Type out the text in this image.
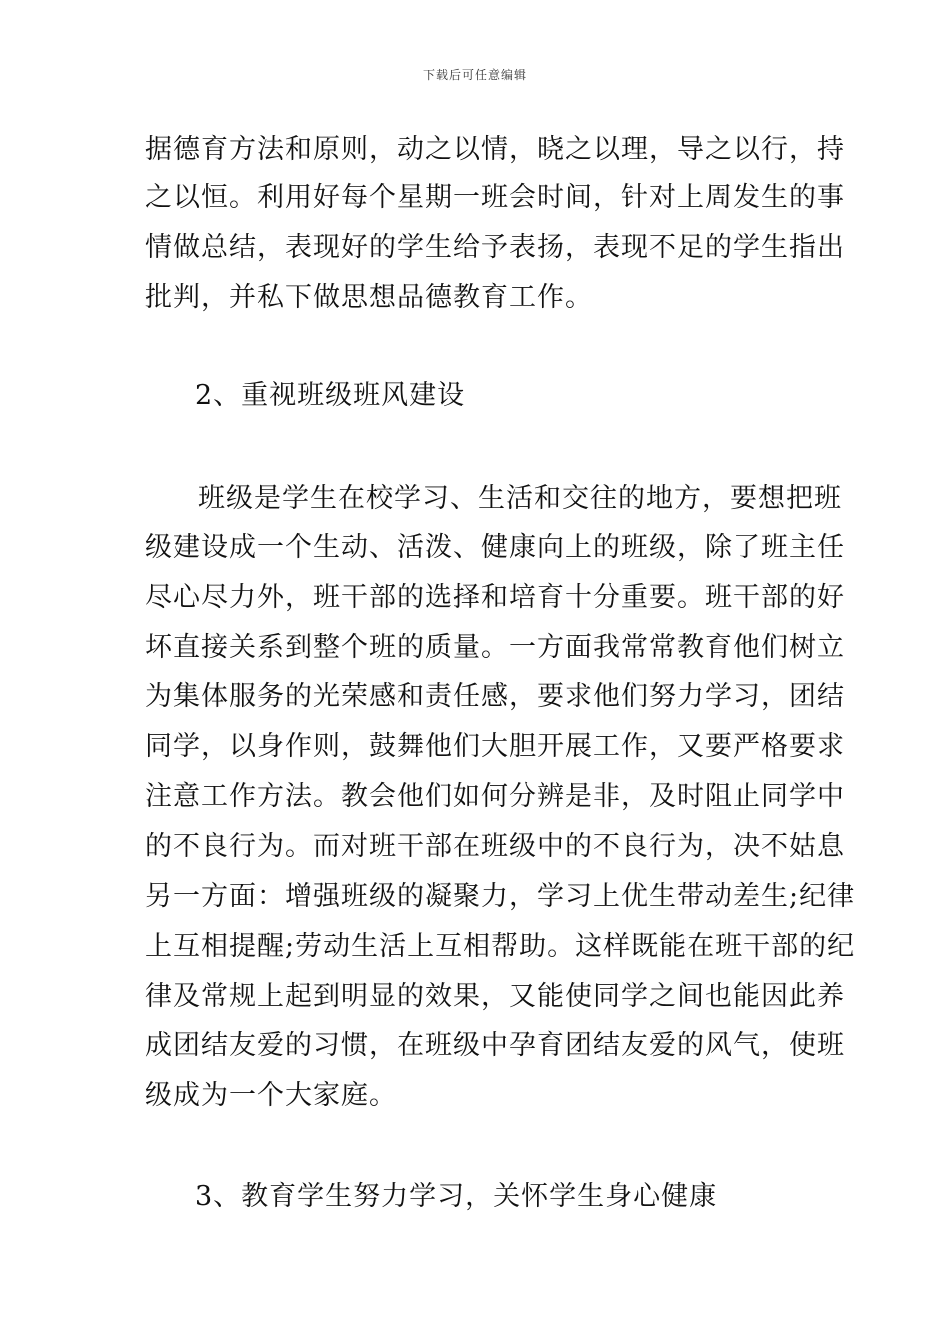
下载后可任意编辑
据德育方法和原则，动之以情，晓之以理，导之以行，持
之以恒。利用好每个星期一班会时间，针对上周发生的事
情做总结，表现好的学生给予表扬，表现不足的学生指出
批判，并私下做思想品德教育工作。
2、重视班级班风建设
班级是学生在校学习、生活和交往的地方，要想把班
级建设成一个生动、活泼、健康向上的班级，除了班主任
尽心尽力外，班干部的选择和培育十分重要。班干部的好
坏直接关系到整个班的质量。一方面我常常教育他们树立
为集体服务的光荣感和责任感，要求他们努力学习，团结
同学，以身作则，鼓舞他们大胆开展工作，又要严格要求
注意工作方法。教会他们如何分辨是非，及时阻止同学中
的不良行为。而对班干部在班级中的不良行为，决不姑息
另一方面：增强班级的凝聚力，学习上优生带动差生;纪律
上互相提醒;劳动生活上互相帮助。这样既能在班干部的纪
律及常规上起到明显的效果，又能使同学之间也能因此养
成团结友爱的习惯，在班级中孕育团结友爱的风气，使班
级成为一个大家庭。
3、教育学生努力学习，关怀学生身心健康
